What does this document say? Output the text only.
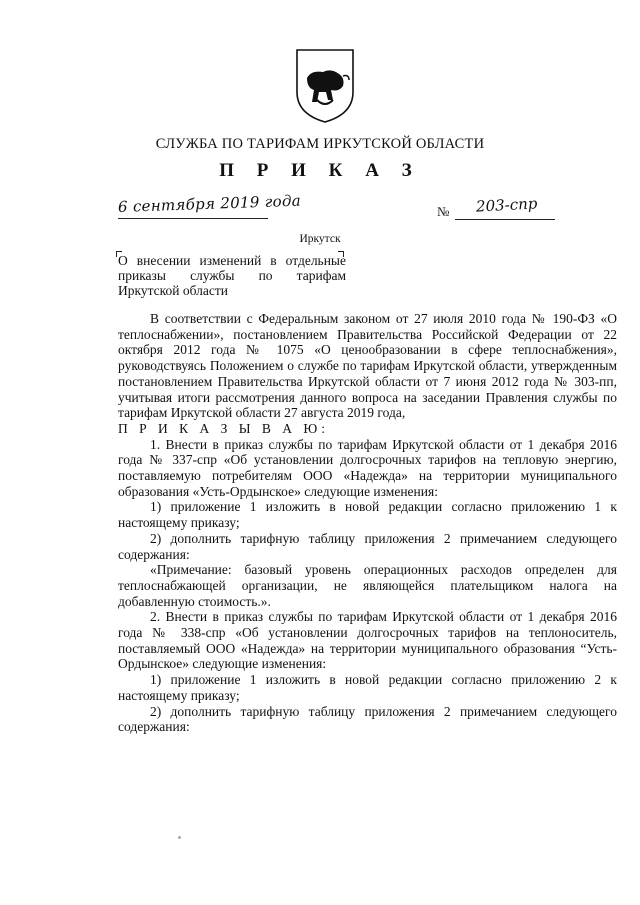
СЛУЖБА ПО ТАРИФАМ ИРКУТСКОЙ ОБЛАСТИ
П Р И К А З
6 сентября 2019 года	№ 203-спр
Иркутск
О внесении изменений в отдельные приказы службы по тарифам Иркутской области

В соответствии с Федеральным законом от 27 июля 2010 года № 190-ФЗ «О теплоснабжении», постановлением Правительства Российской Федерации от 22 октября 2012 года № 1075 «О ценообразовании в сфере теплоснабжения», руководствуясь Положением о службе по тарифам Иркутской области, утвержденным постановлением Правительства Иркутской области от 7 июня 2012 года № 303-пп, учитывая итоги рассмотрения данного вопроса на заседании Правления службы по тарифам Иркутской области 27 августа 2019 года,

П Р И К А З Ы В А Ю:

1. Внести в приказ службы по тарифам Иркутской области от 1 декабря 2016 года № 337-спр «Об установлении долгосрочных тарифов на тепловую энергию, поставляемую потребителям ООО «Надежда» на территории муниципального образования «Усть-Ордынское» следующие изменения:

1) приложение 1 изложить в новой редакции согласно приложению 1 к настоящему приказу;

2) дополнить тарифную таблицу приложения 2 примечанием следующего содержания:

«Примечание: базовый уровень операционных расходов определен для теплоснабжающей организации, не являющейся плательщиком налога на добавленную стоимость.».

2. Внести в приказ службы по тарифам Иркутской области от 1 декабря 2016 года № 338-спр «Об установлении долгосрочных тарифов на теплоноситель, поставляемый ООО «Надежда» на территории муниципального образования “Усть-Ордынское» следующие изменения:

1) приложение 1 изложить в новой редакции согласно приложению 2 к настоящему приказу;

2) дополнить тарифную таблицу приложения 2 примечанием следующего содержания:
